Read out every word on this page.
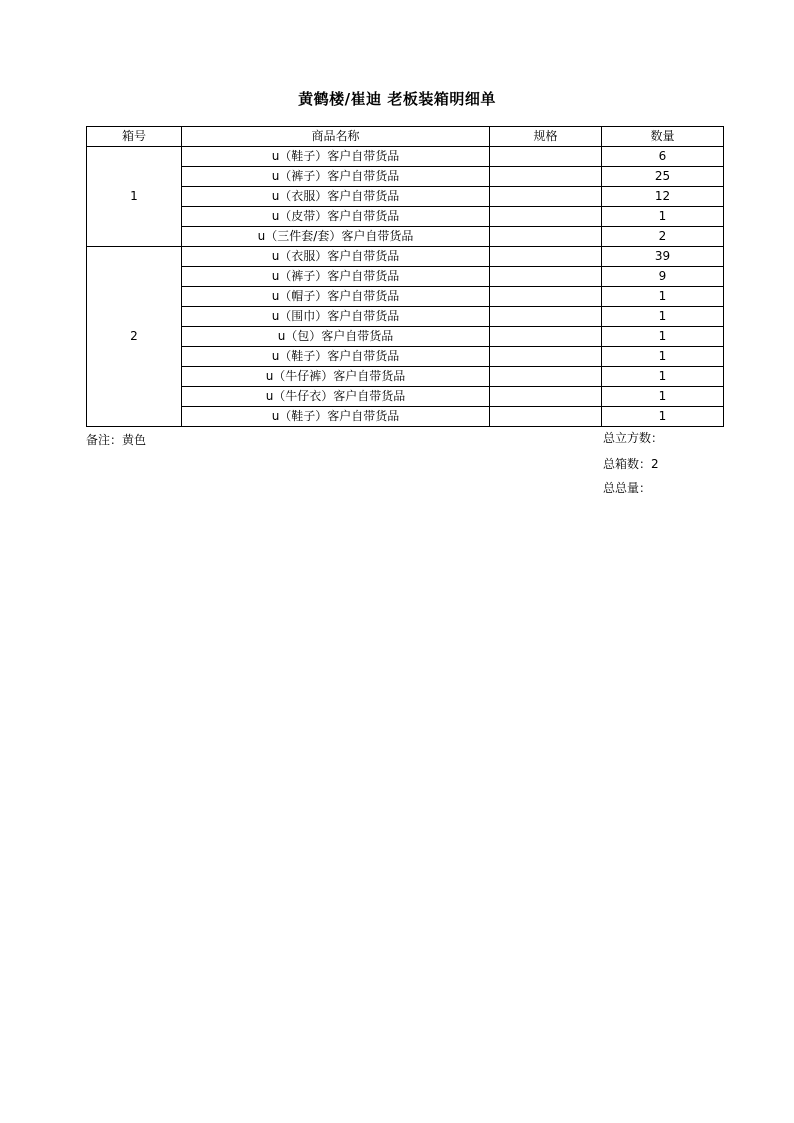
黄鹤楼/崔迪 老板装箱明细单
箱号	商品名称	规格	数量
1	u（鞋子）客户自带货品		6
	u（裤子）客户自带货品		25
	u（衣服）客户自带货品		12
	u（皮带）客户自带货品		1
	u（三件套/套）客户自带货品		2
2	u（衣服）客户自带货品		39
	u（裤子）客户自带货品		9
	u（帽子）客户自带货品		1
	u（围巾）客户自带货品		1
	u（包）客户自带货品		1
	u（鞋子）客户自带货品		1
	u（牛仔裤）客户自带货品		1
	u（牛仔衣）客户自带货品		1
	u（鞋子）客户自带货品		1
备注：黄色	总立方数：
总箱数：2
总总量：
